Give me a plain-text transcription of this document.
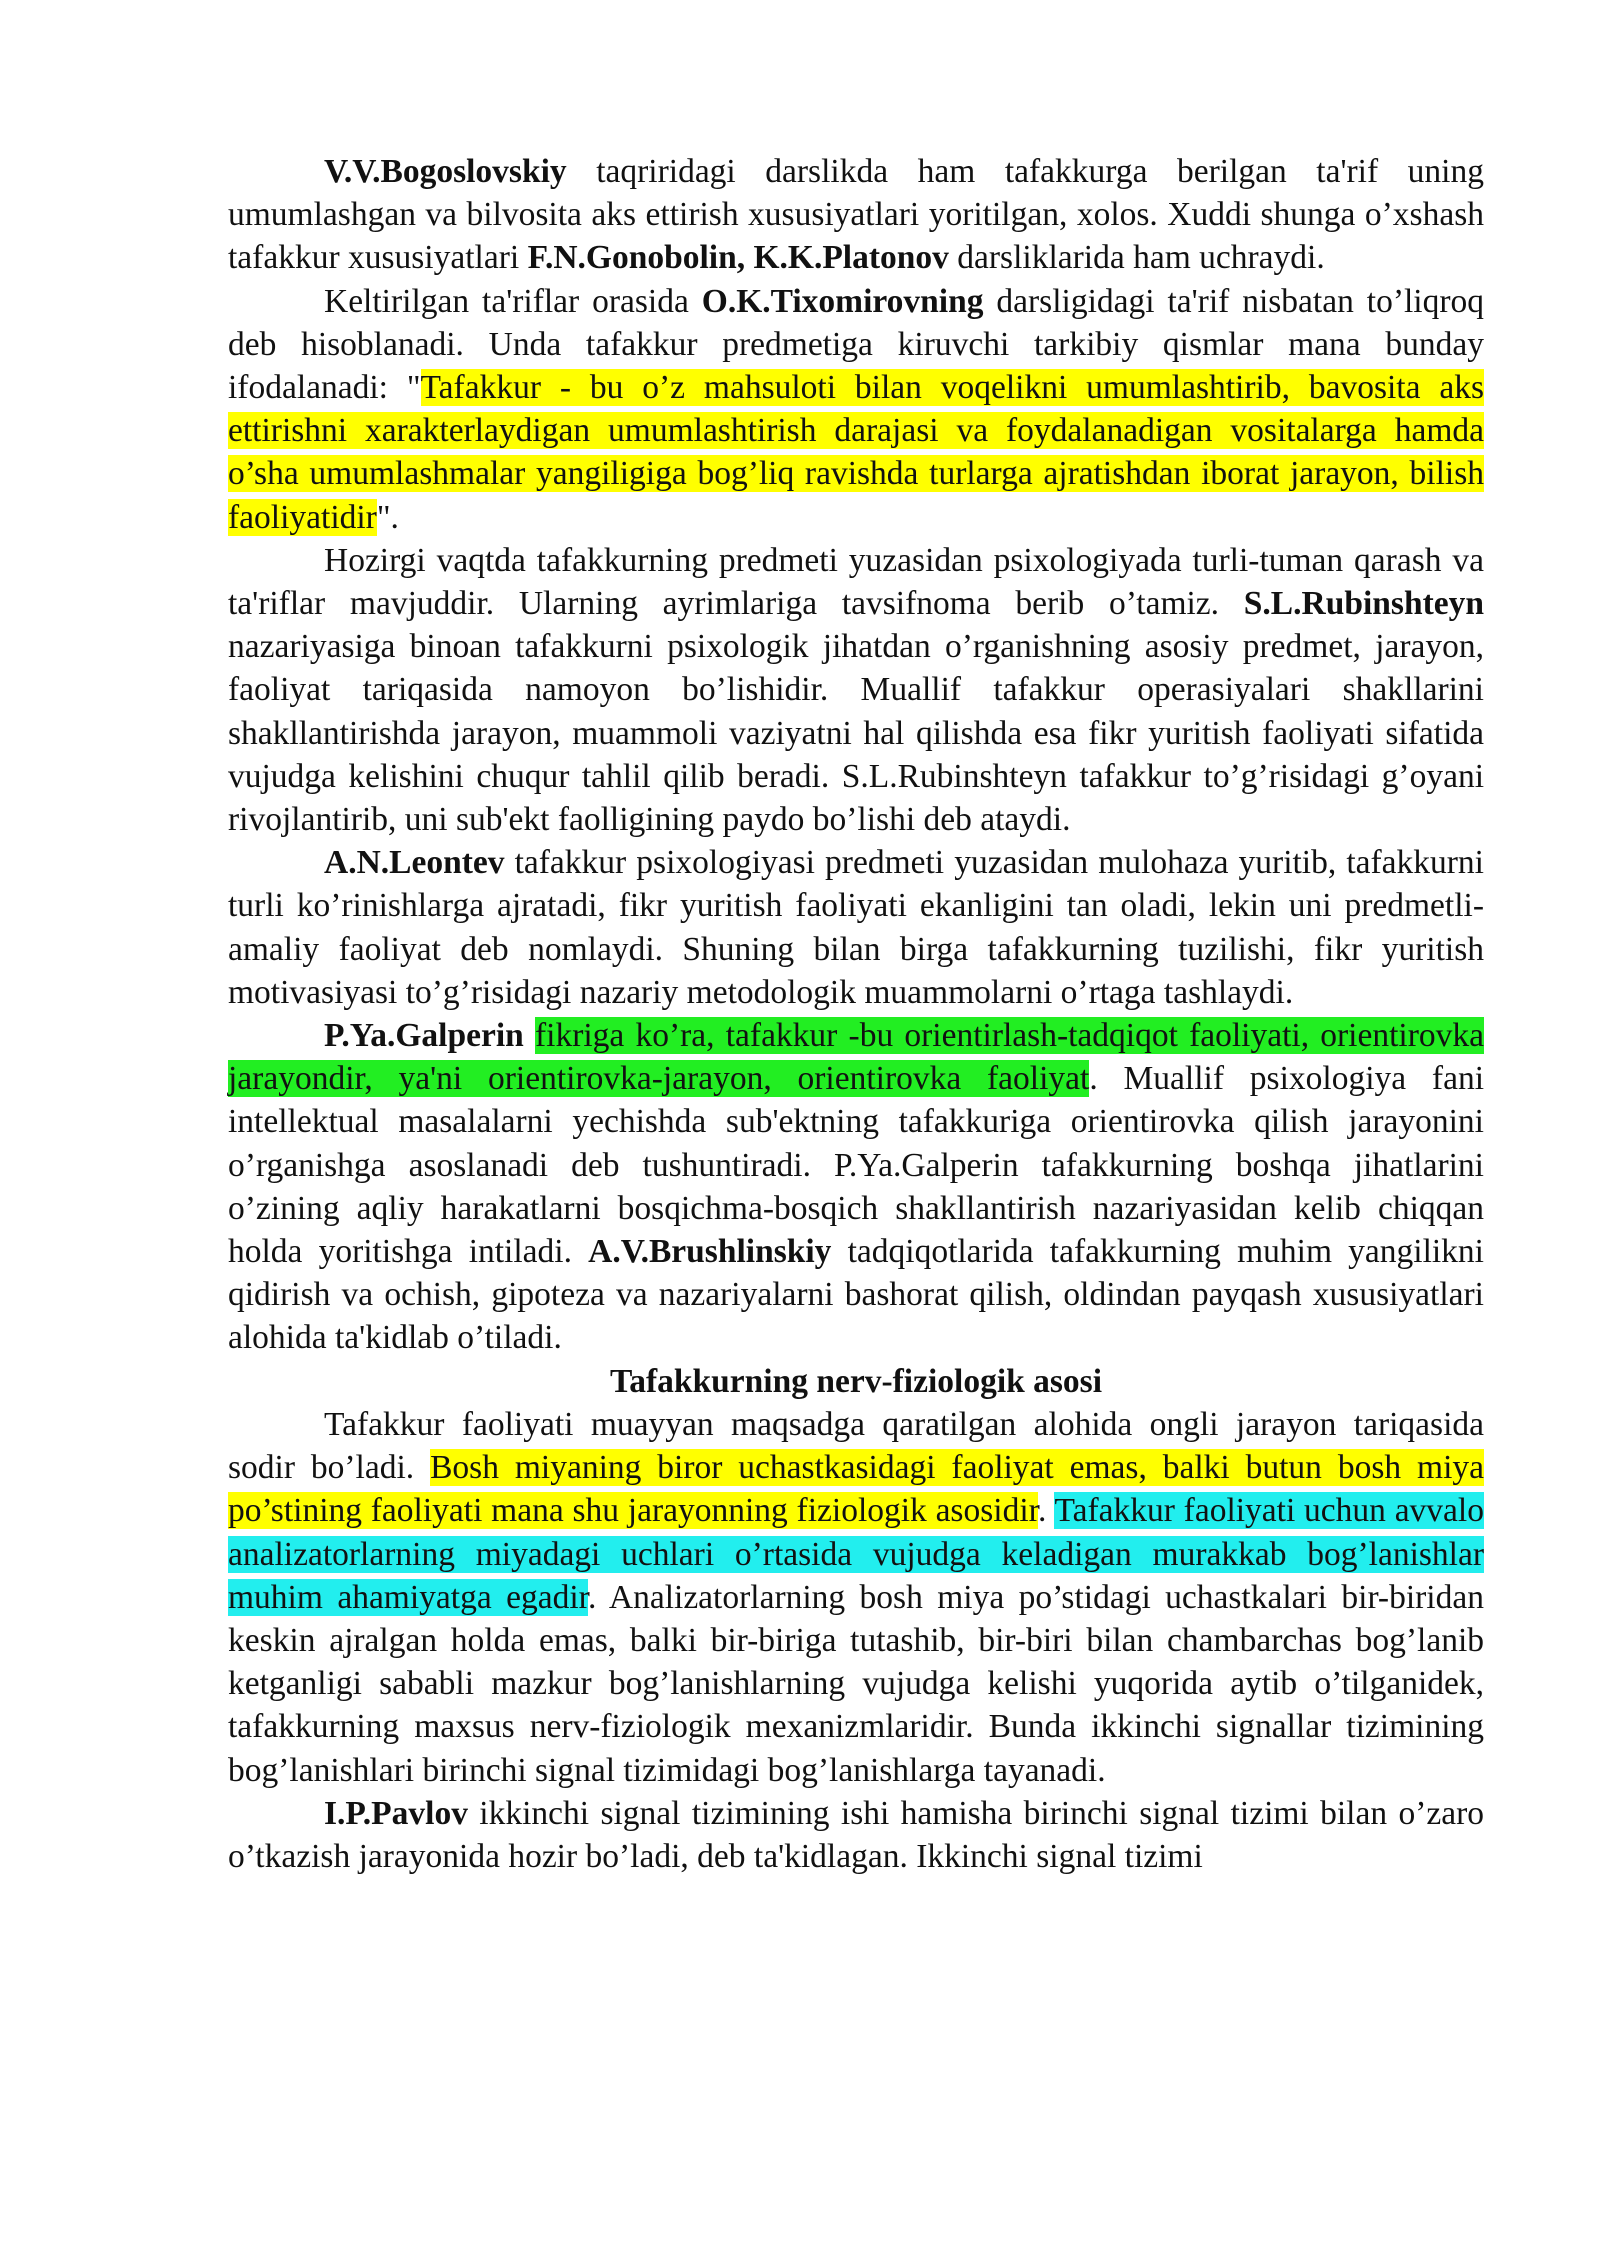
V.V.Bogoslovskiy taqriridagi darslikda ham tafakkurga berilgan ta'rif uning umumlashgan va bilvosita aks ettirish xususiyatlari yoritilgan, xolos. Xuddi shunga o’xshash tafakkur xususiyatlari F.N.Gonobolin, K.K.Platonov darsliklarida ham uchraydi.

Keltirilgan ta'riflar orasida O.K.Tixomirovning darsligidagi ta'rif nisbatan to’liqroq deb hisoblanadi. Unda tafakkur predmetiga kiruvchi tarkibiy qismlar mana bunday ifodalanadi: "Tafakkur - bu o’z mahsuloti bilan voqelikni umumlashtirib, bavosita aks ettirishni xarakterlaydigan umumlashtirish darajasi va foydalanadigan vositalarga hamda o’sha umumlashmalar yangiligiga bog’liq ravishda turlarga ajratishdan iborat jarayon, bilish faoliyatidir".

Hozirgi vaqtda tafakkurning predmeti yuzasidan psixologiyada turli-tuman qarash va ta'riflar mavjuddir. Ularning ayrimlariga tavsifnoma berib o’tamiz. S.L.Rubinshteyn nazariyasiga binoan tafakkurni psixologik jihatdan o’rganishning asosiy predmet, jarayon, faoliyat tariqasida namoyon bo’lishidir. Muallif tafakkur operasiyalari shakllarini shakllantirishda jarayon, muammoli vaziyatni hal qilishda esa fikr yuritish faoliyati sifatida vujudga kelishini chuqur tahlil qilib beradi. S.L.Rubinshteyn tafakkur to’g’risidagi g’oyani rivojlantirib, uni sub'ekt faolligining paydo bo’lishi deb ataydi.

A.N.Leontev tafakkur psixologiyasi predmeti yuzasidan mulohaza yuritib, tafakkurni turli ko’rinishlarga ajratadi, fikr yuritish faoliyati ekanligini tan oladi, lekin uni predmetli-amaliy faoliyat deb nomlaydi. Shuning bilan birga tafakkurning tuzilishi, fikr yuritish motivasiyasi to’g’risidagi nazariy metodologik muammolarni o’rtaga tashlaydi.

P.Ya.Galperin fikriga ko’ra, tafakkur -bu orientirlash-tadqiqot faoliyati, orientirovka jarayondir, ya'ni orientirovka-jarayon, orientirovka faoliyat. Muallif psixologiya fani intellektual masalalarni yechishda sub'ektning tafakkuriga orientirovka qilish jarayonini o’rganishga asoslanadi deb tushuntiradi. P.Ya.Galperin tafakkurning boshqa jihatlarini o’zining aqliy harakatlarni bosqichma-bosqich shakllantirish nazariyasidan kelib chiqqan holda yoritishga intiladi. A.V.Brushlinskiy tadqiqotlarida tafakkurning muhim yangilikni qidirish va ochish, gipoteza va nazariyalarni bashorat qilish, oldindan payqash xususiyatlari alohida ta'kidlab o’tiladi.

Tafakkurning nerv-fiziologik asosi

Tafakkur faoliyati muayyan maqsadga qaratilgan alohida ongli jarayon tariqasida sodir bo’ladi. Bosh miyaning biror uchastkasidagi faoliyat emas, balki butun bosh miya po’stining faoliyati mana shu jarayonning fiziologik asosidir. Tafakkur faoliyati uchun avvalo analizatorlarning miyadagi uchlari o’rtasida vujudga keladigan murakkab bog’lanishlar muhim ahamiyatga egadir. Analizatorlarning bosh miya po’stidagi uchastkalari bir-biridan keskin ajralgan holda emas, balki bir-biriga tutashib, bir-biri bilan chambarchas bog’lanib ketganligi sababli mazkur bog’lanishlarning vujudga kelishi yuqorida aytib o’tilganidek, tafakkurning maxsus nerv-fiziologik mexanizmlaridir. Bunda ikkinchi signallar tizimining bog’lanishlari birinchi signal tizimidagi bog’lanishlarga tayanadi.

I.P.Pavlov ikkinchi signal tizimining ishi hamisha birinchi signal tizimi bilan o’zaro o’tkazish jarayonida hozir bo’ladi, deb ta'kidlagan. Ikkinchi signal tizimi
